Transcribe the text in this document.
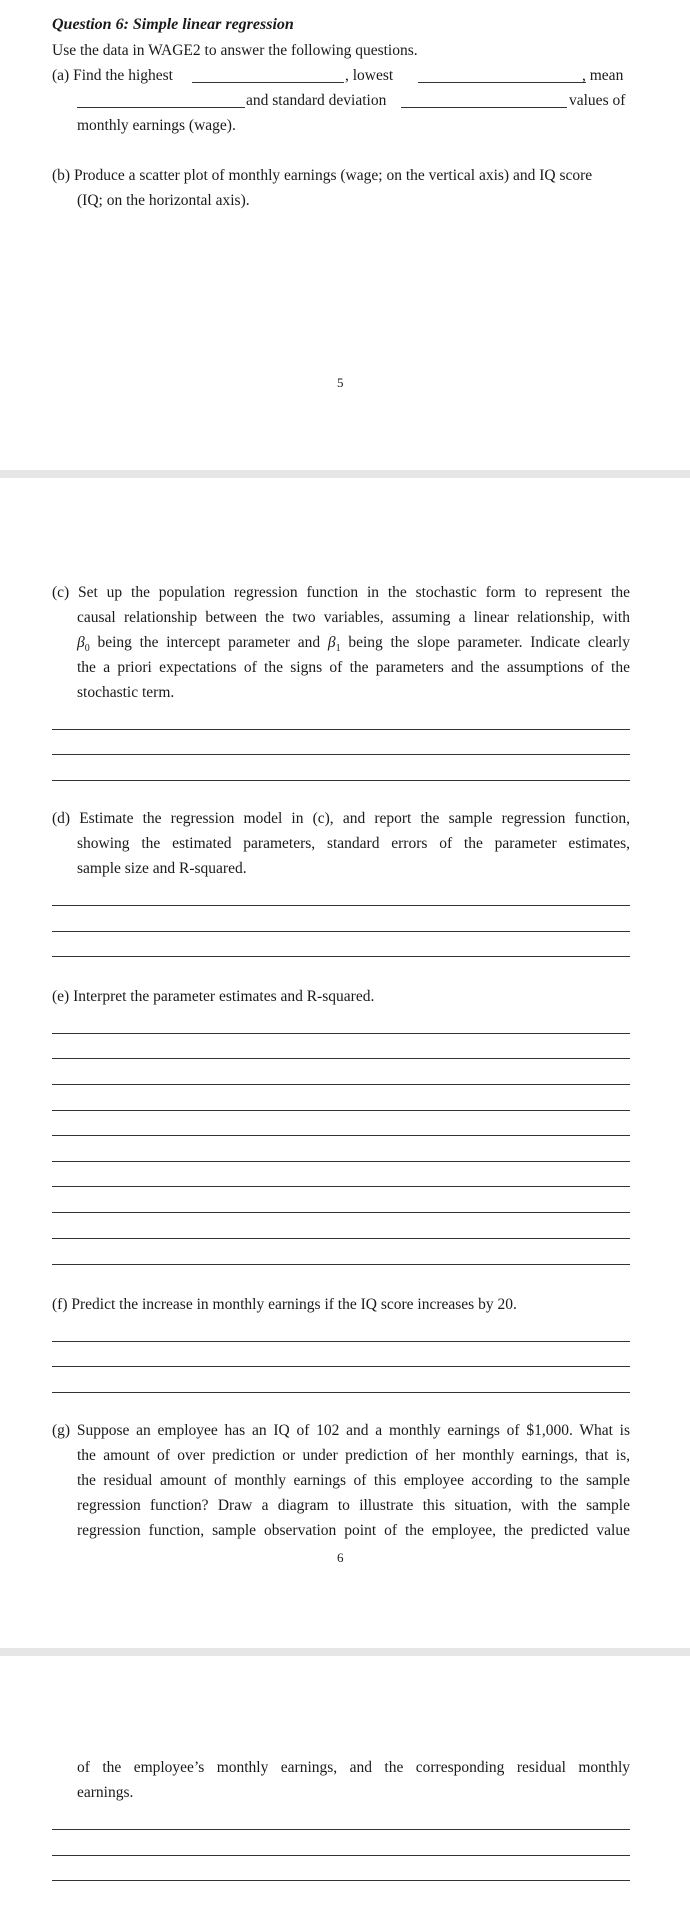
Question 6: Simple linear regression
Use the data in WAGE2 to answer the following questions.
(a) Find the highest	, lowest	, mean
and standard deviation	values of
monthly earnings (wage).
(b) Produce a scatter plot of monthly earnings (wage; on the vertical axis) and IQ score
(IQ; on the horizontal axis).
5
(c) Set up the population regression function in the stochastic form to represent the
causal relationship between the two variables, assuming a linear relationship, with
$\beta_0$ being the intercept parameter and $\beta_1$ being the slope parameter. Indicate clearly
the a priori expectations of the signs of the parameters and the assumptions of the
stochastic term.
(d) Estimate the regression model in (c), and report the sample regression function,
showing the estimated parameters, standard errors of the parameter estimates,
sample size and R-squared.
(e) Interpret the parameter estimates and R-squared.
(f) Predict the increase in monthly earnings if the IQ score increases by 20.
(g) Suppose an employee has an IQ of 102 and a monthly earnings of $1,000. What is
the amount of over prediction or under prediction of her monthly earnings, that is,
the residual amount of monthly earnings of this employee according to the sample
regression function? Draw a diagram to illustrate this situation, with the sample
regression function, sample observation point of the employee, the predicted value
6
of the employee’s monthly earnings, and the corresponding residual monthly
earnings.
